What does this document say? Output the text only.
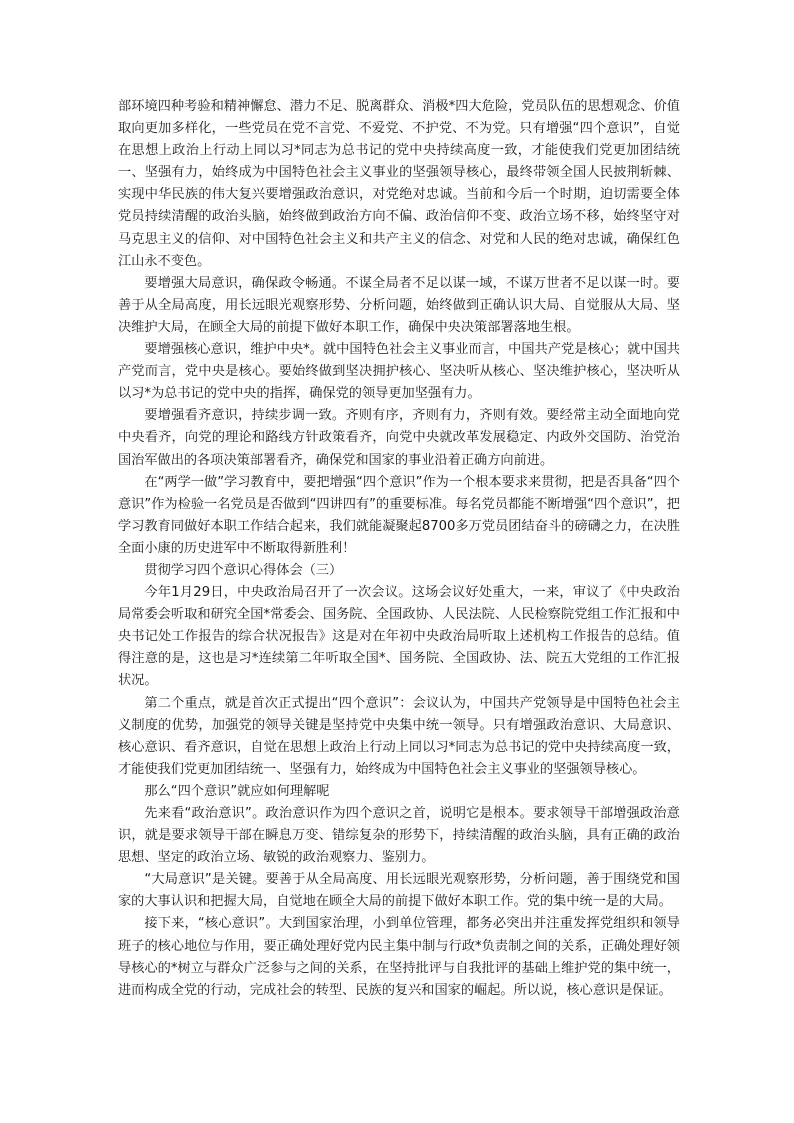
部环境四种考验和精神懈怠、潜力不足、脱离群众、消极*四大危险，党员队伍的思想观念、价值取向更加多样化，一些党员在党不言党、不爱党、不护党、不为党。只有增强“四个意识”，自觉在思想上政治上行动上同以习*同志为总书记的党中央持续高度一致，才能使我们党更加团结统一、坚强有力，始终成为中国特色社会主义事业的坚强领导核心，最终带领全国人民披荆斩棘、实现中华民族的伟大复兴要增强政治意识，对党绝对忠诚。当前和今后一个时期，迫切需要全体党员持续清醒的政治头脑，始终做到政治方向不偏、政治信仰不变、政治立场不移，始终坚守对马克思主义的信仰、对中国特色社会主义和共产主义的信念、对党和人民的绝对忠诚，确保红色江山永不变色。

要增强大局意识，确保政令畅通。不谋全局者不足以谋一域，不谋万世者不足以谋一时。要善于从全局高度，用长远眼光观察形势、分析问题，始终做到正确认识大局、自觉服从大局、坚决维护大局，在顾全大局的前提下做好本职工作，确保中央决策部署落地生根。

要增强核心意识，维护中央*。就中国特色社会主义事业而言，中国共产党是核心；就中国共产党而言，党中央是核心。要始终做到坚决拥护核心、坚决听从核心、坚决维护核心，坚决听从以习*为总书记的党中央的指挥，确保党的领导更加坚强有力。

要增强看齐意识，持续步调一致。齐则有序，齐则有力，齐则有效。要经常主动全面地向党中央看齐，向党的理论和路线方针政策看齐，向党中央就改革发展稳定、内政外交国防、治党治国治军做出的各项决策部署看齐，确保党和国家的事业沿着正确方向前进。

在“两学一做”学习教育中，要把增强“四个意识”作为一个根本要求来贯彻，把是否具备“四个意识”作为检验一名党员是否做到“四讲四有”的重要标准。每名党员都能不断增强“四个意识”，把学习教育同做好本职工作结合起来，我们就能凝聚起8700多万党员团结奋斗的磅礴之力，在决胜全面小康的历史进军中不断取得新胜利！

贯彻学习四个意识心得体会（三）

今年1月29日，中央政治局召开了一次会议。这场会议好处重大，一来，审议了《中央政治局常委会听取和研究全国*常委会、国务院、全国政协、人民法院、人民检察院党组工作汇报和中央书记处工作报告的综合状况报告》这是对在年初中央政治局听取上述机构工作报告的总结。值得注意的是，这也是习*连续第二年听取全国*、国务院、全国政协、法、院五大党组的工作汇报状况。

第二个重点，就是首次正式提出“四个意识”：会议认为，中国共产党领导是中国特色社会主义制度的优势，加强党的领导关键是坚持党中央集中统一领导。只有增强政治意识、大局意识、核心意识、看齐意识，自觉在思想上政治上行动上同以习*同志为总书记的党中央持续高度一致，才能使我们党更加团结统一、坚强有力，始终成为中国特色社会主义事业的坚强领导核心。

那么“四个意识”就应如何理解呢

先来看“政治意识”。政治意识作为四个意识之首，说明它是根本。要求领导干部增强政治意识，就是要求领导干部在瞬息万变、错综复杂的形势下，持续清醒的政治头脑，具有正确的政治思想、坚定的政治立场、敏锐的政治观察力、鉴别力。

“大局意识”是关键。要善于从全局高度、用长远眼光观察形势，分析问题，善于围绕党和国家的大事认识和把握大局，自觉地在顾全大局的前提下做好本职工作。党的集中统一是的大局。

接下来，“核心意识”。大到国家治理，小到单位管理，都务必突出并注重发挥党组织和领导班子的核心地位与作用，要正确处理好党内民主集中制与行政*负责制之间的关系，正确处理好领导核心的*树立与群众广泛参与之间的关系，在坚持批评与自我批评的基础上维护党的集中统一，进而构成全党的行动，完成社会的转型、民族的复兴和国家的崛起。所以说，核心意识是保证。
